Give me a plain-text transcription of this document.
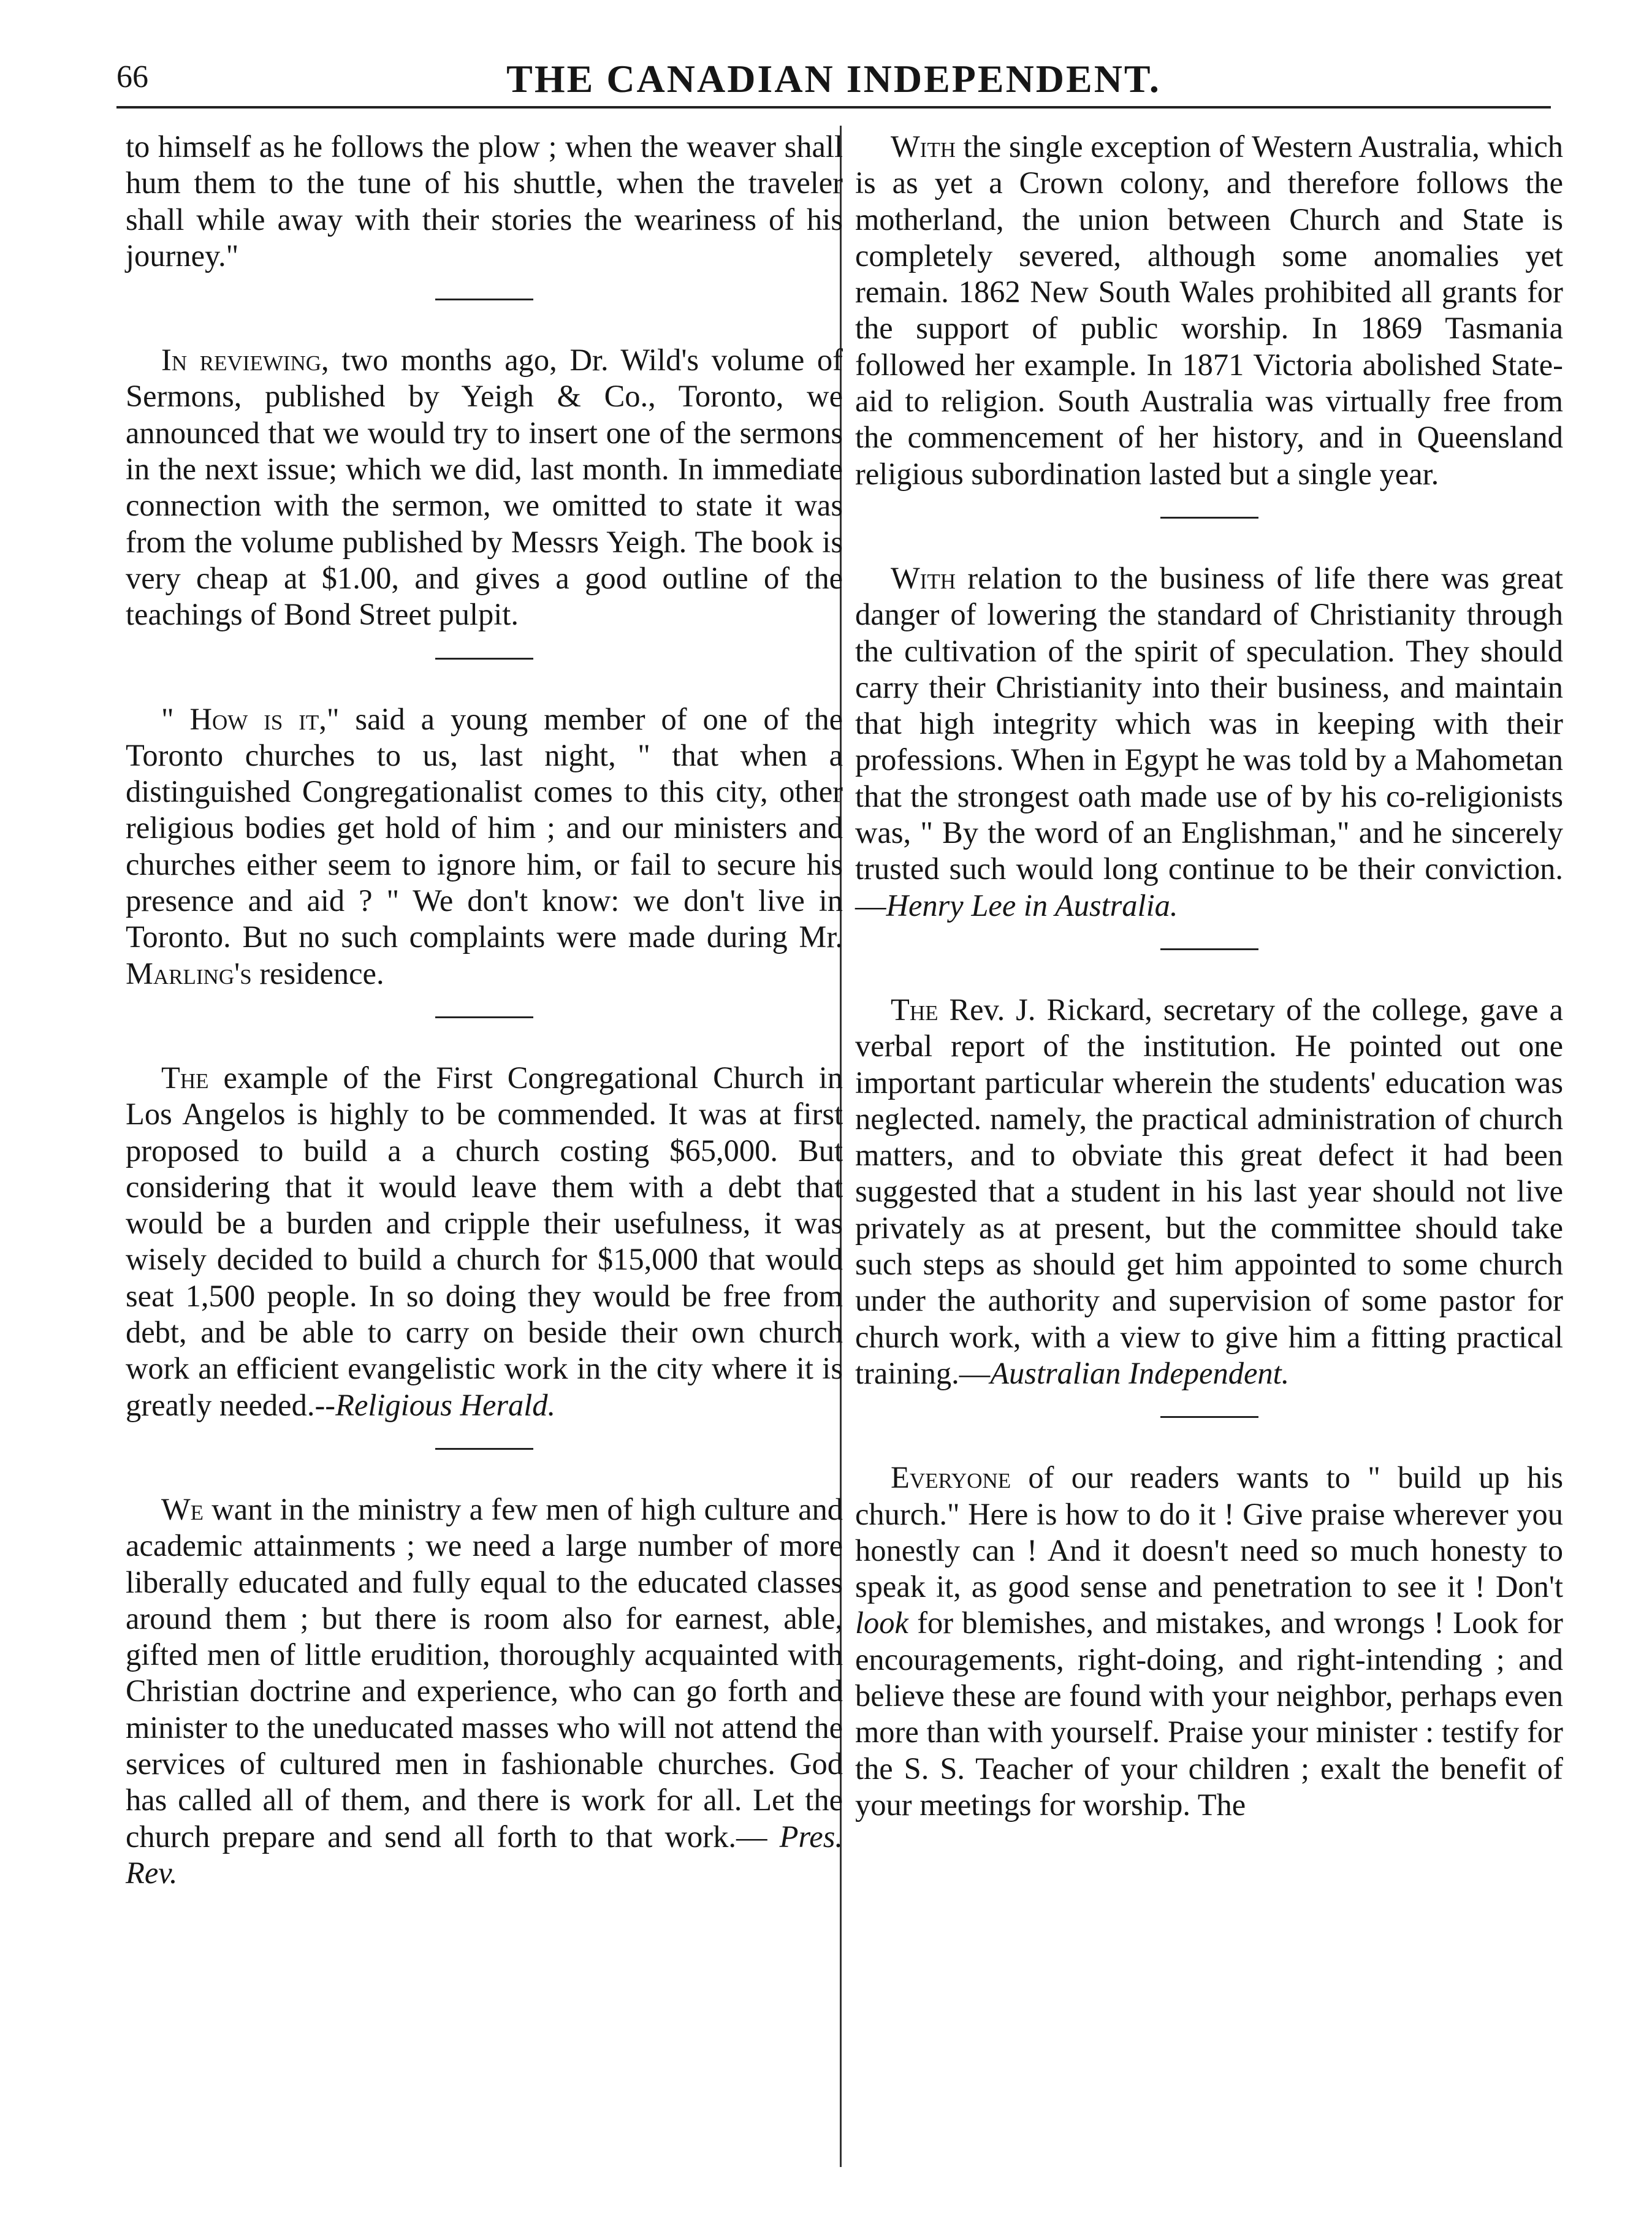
66	THE CANADIAN INDEPENDENT.

to himself as he follows the plow ; when the weaver shall hum them to the tune of his shuttle, when the traveler shall while away with their stories the weariness of his journey."

In reviewing, two months ago, Dr. Wild's volume of Sermons, published by Yeigh & Co., Toronto, we announced that we would try to insert one of the sermons in the next issue; which we did, last month. In immediate connection with the sermon, we omitted to state it was from the volume published by Messrs Yeigh. The book is very cheap at $1.00, and gives a good outline of the teachings of Bond Street pulpit.

" How is it," said a young member of one of the Toronto churches to us, last night, " that when a distinguished Congregationalist comes to this city, other religious bodies get hold of him ; and our ministers and churches either seem to ignore him, or fail to secure his presence and aid ? " We don't know: we don't live in Toronto. But no such complaints were made during Mr. Marling's residence.

The example of the First Congregational Church in Los Angelos is highly to be commended. It was at first proposed to build a a church costing $65,000. But considering that it would leave them with a debt that would be a burden and cripple their usefulness, it was wisely decided to build a church for $15,000 that would seat 1,500 people. In so doing they would be free from debt, and be able to carry on beside their own church work an efficient evangelistic work in the city where it is greatly needed.--Religious Herald.

We want in the ministry a few men of high culture and academic attainments ; we need a large number of more liberally educated and fully equal to the educated classes around them ; but there is room also for earnest, able, gifted men of little erudition, thoroughly acquainted with Christian doctrine and experience, who can go forth and minister to the uneducated masses who will not attend the services of cultured men in fashionable churches. God has called all of them, and there is work for all. Let the church prepare and send all forth to that work.— Pres. Rev.

With the single exception of Western Australia, which is as yet a Crown colony, and therefore follows the motherland, the union between Church and State is completely severed, although some anomalies yet remain. 1862 New South Wales prohibited all grants for the support of public worship. In 1869 Tasmania followed her example. In 1871 Victoria abolished State-aid to religion. South Australia was virtually free from the commencement of her history, and in Queensland religious subordination lasted but a single year.

With relation to the business of life there was great danger of lowering the standard of Christianity through the cultivation of the spirit of speculation. They should carry their Christianity into their business, and maintain that high integrity which was in keeping with their professions. When in Egypt he was told by a Mahometan that the strongest oath made use of by his co-religionists was, " By the word of an Englishman," and he sincerely trusted such would long continue to be their conviction.—Henry Lee in Australia.

The Rev. J. Rickard, secretary of the college, gave a verbal report of the institution. He pointed out one important particular wherein the students' education was neglected. namely, the practical administration of church matters, and to obviate this great defect it had been suggested that a student in his last year should not live privately as at present, but the committee should take such steps as should get him appointed to some church under the authority and supervision of some pastor for church work, with a view to give him a fitting practical training.—Australian Independent.

Everyone of our readers wants to " build up his church." Here is how to do it ! Give praise wherever you honestly can ! And it doesn't need so much honesty to speak it, as good sense and penetration to see it ! Don't look for blemishes, and mistakes, and wrongs ! Look for encouragements, right-doing, and right-intending ; and believe these are found with your neighbor, perhaps even more than with yourself. Praise your minister : testify for the S. S. Teacher of your children ; exalt the benefit of your meetings for worship. The
